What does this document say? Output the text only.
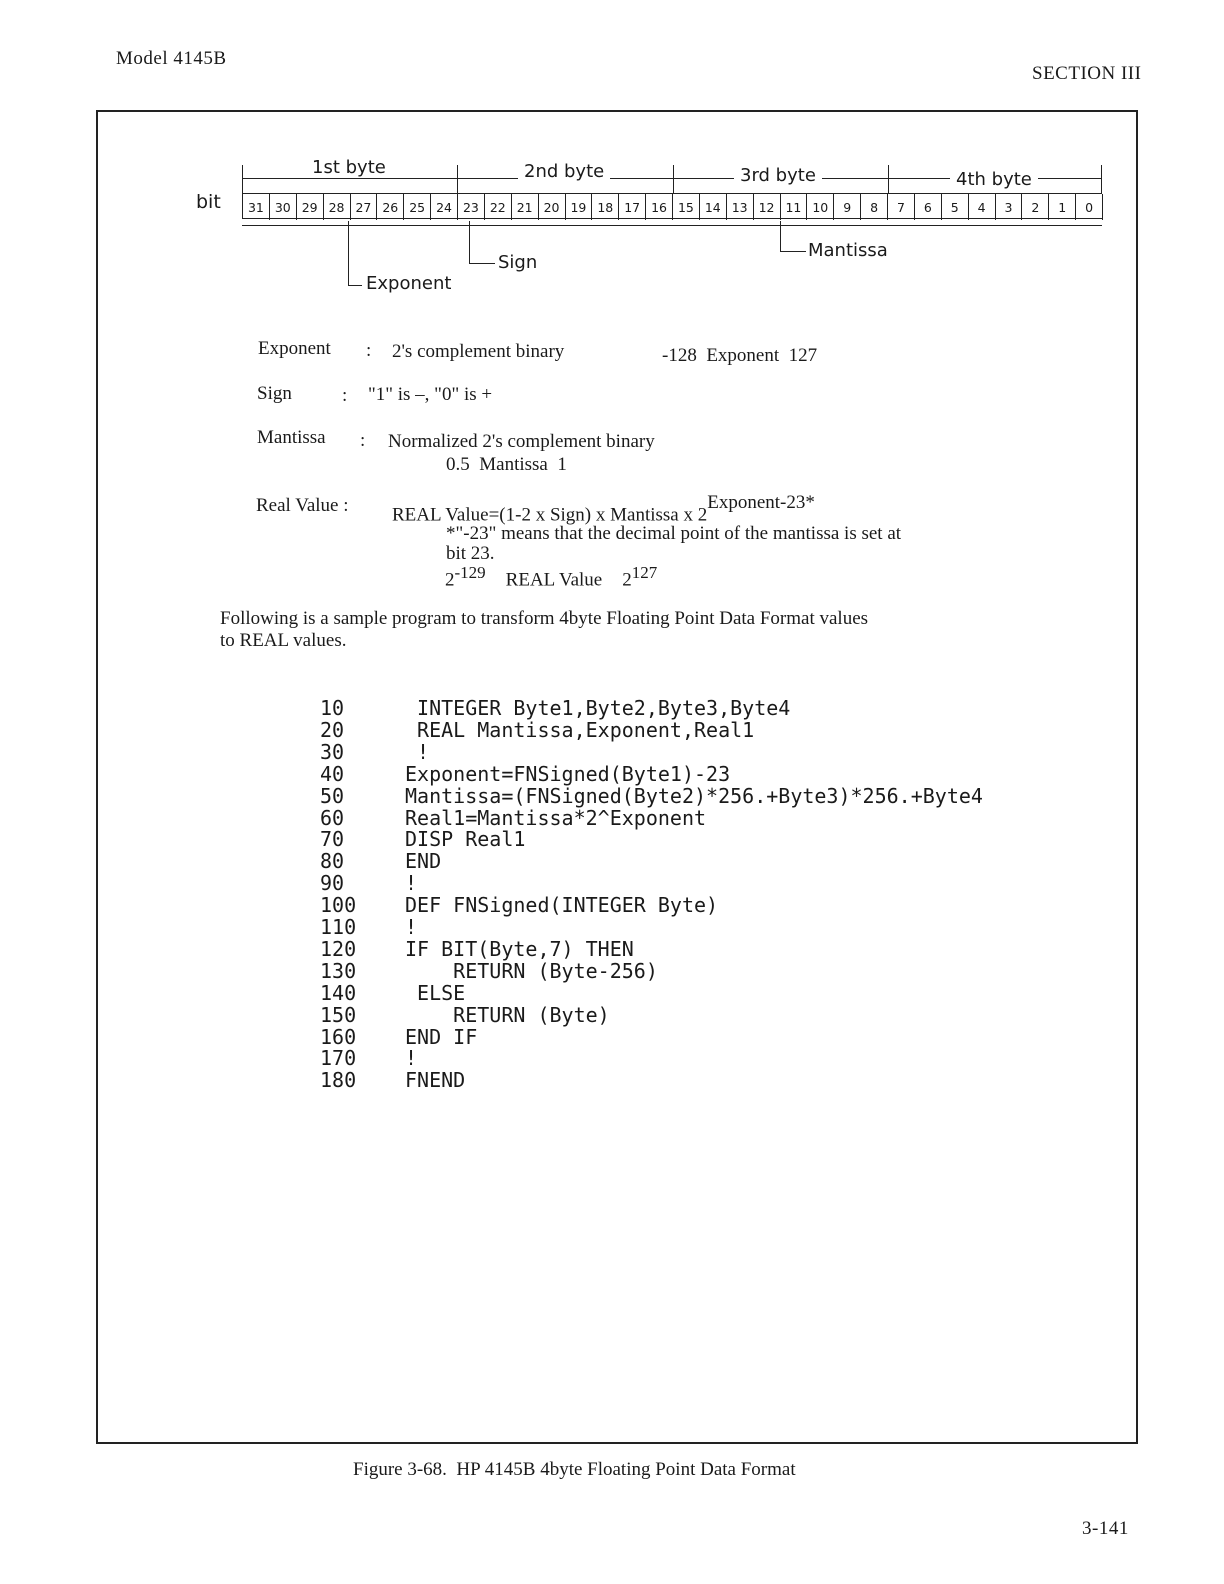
Model 4145B
SECTION III
bit
1st byte	2nd byte	3rd byte	4th byte
31 30 29 28 27 26 25 24 23 22 21 20 19 18 17 16 15 14 13 12 11 10	9	8	7	6	5	4	3	2	1	0
Exponent
Sign
Mantissa
Exponent : 2's complement binary	-128  Exponent  127
Sign	: "1" is –, "0" is +
Mantissa : Normalized 2's complement binary
0.5  Mantissa  1
Real Value : REAL Value=(1-2 x Sign) x Mantissa x $2^{Exponent-23*}$
*"-23" means that the decimal point of the mantissa is set at
bit 23.
$2^{-129}$ REAL Value $2^{127}$
Following is a sample program to transform 4byte Floating Point Data Format values
to REAL values.
10	INTEGER Byte1,Byte2,Byte3,Byte4
20	REAL Mantissa,Exponent,Real1
30	!
40	Exponent=FNSigned(Byte1)-23
50	Mantissa=(FNSigned(Byte2)*256.+Byte3)*256.+Byte4
60	Real1=Mantissa*2^Exponent
70	DISP Real1
80	END
90	!
100	DEF FNSigned(INTEGER Byte)
110	!
120	IF BIT(Byte,7) THEN
130	RETURN (Byte-256)
140	ELSE
150	RETURN (Byte)
160	END IF
170	!
180	FNEND
Figure 3-68.  HP 4145B 4byte Floating Point Data Format
3-141
